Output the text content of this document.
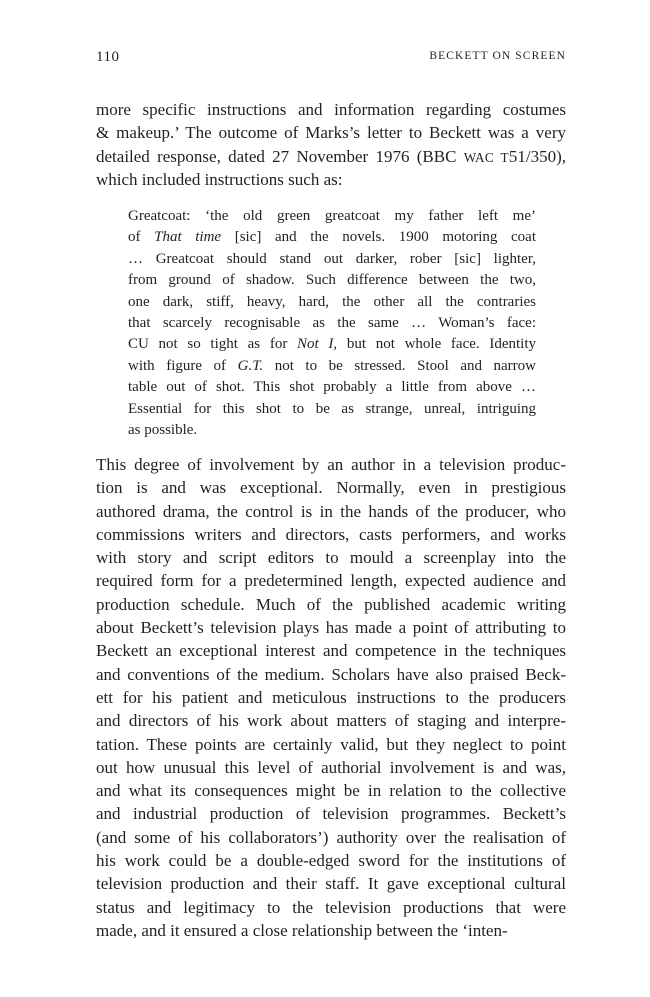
110	BECKETT ON SCREEN
more specific instructions and information regarding costumes
& makeup.’ The outcome of Marks’s letter to Beckett was a very
detailed response, dated 27 November 1976 (BBC WAC T51/350),
which included instructions such as:
Greatcoat: ‘the old green greatcoat my father left me’
of That time [sic] and the novels. 1900 motoring coat
… Greatcoat should stand out darker, rober [sic] lighter,
from ground of shadow. Such difference between the two,
one dark, stiff, heavy, hard, the other all the contraries
that scarcely recognisable as the same … Woman’s face:
CU not so tight as for Not I, but not whole face. Identity
with figure of G.T. not to be stressed. Stool and narrow
table out of shot. This shot probably a little from above …
Essential for this shot to be as strange, unreal, intriguing
as possible.
This degree of involvement by an author in a television produc-
tion is and was exceptional. Normally, even in prestigious
authored drama, the control is in the hands of the producer, who
commissions writers and directors, casts performers, and works
with story and script editors to mould a screenplay into the
required form for a predetermined length, expected audience and
production schedule. Much of the published academic writing
about Beckett’s television plays has made a point of attributing to
Beckett an exceptional interest and competence in the techniques
and conventions of the medium. Scholars have also praised Beck-
ett for his patient and meticulous instructions to the producers
and directors of his work about matters of staging and interpre-
tation. These points are certainly valid, but they neglect to point
out how unusual this level of authorial involvement is and was,
and what its consequences might be in relation to the collective
and industrial production of television programmes. Beckett’s
(and some of his collaborators’) authority over the realisation of
his work could be a double-edged sword for the institutions of
television production and their staff. It gave exceptional cultural
status and legitimacy to the television productions that were
made, and it ensured a close relationship between the ‘inten-
